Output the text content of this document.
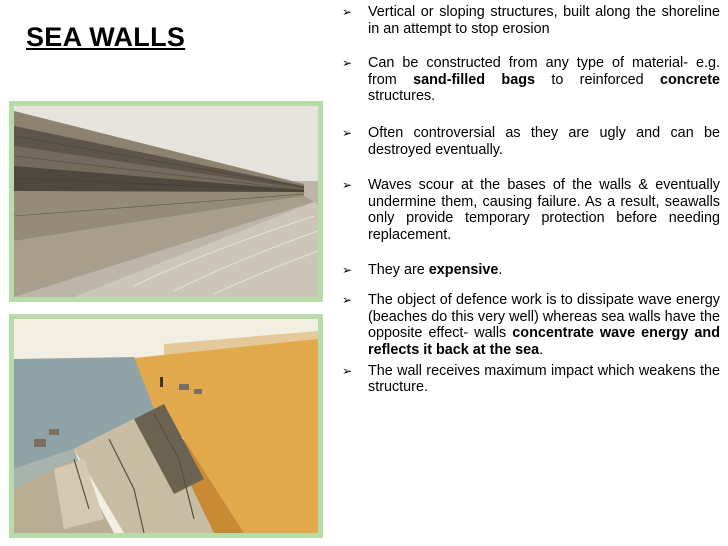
SEA WALLS
➢ Vertical or sloping structures, built along the shoreline in an attempt to stop erosion
➢ Can be constructed from any type of material- e.g. from sand-filled bags to reinforced concrete structures.
➢ Often controversial as they are ugly and can be destroyed eventually.
➢ Waves scour at the bases of the walls & eventually undermine them, causing failure. As a result, seawalls only provide temporary protection before needing replacement.
➢ They are expensive.
➢ The object of defence work is to dissipate wave energy (beaches do this very well) whereas sea walls have the opposite effect- walls concentrate wave energy and reflects it back at the sea.
➢ The wall receives maximum impact which weakens the structure.
